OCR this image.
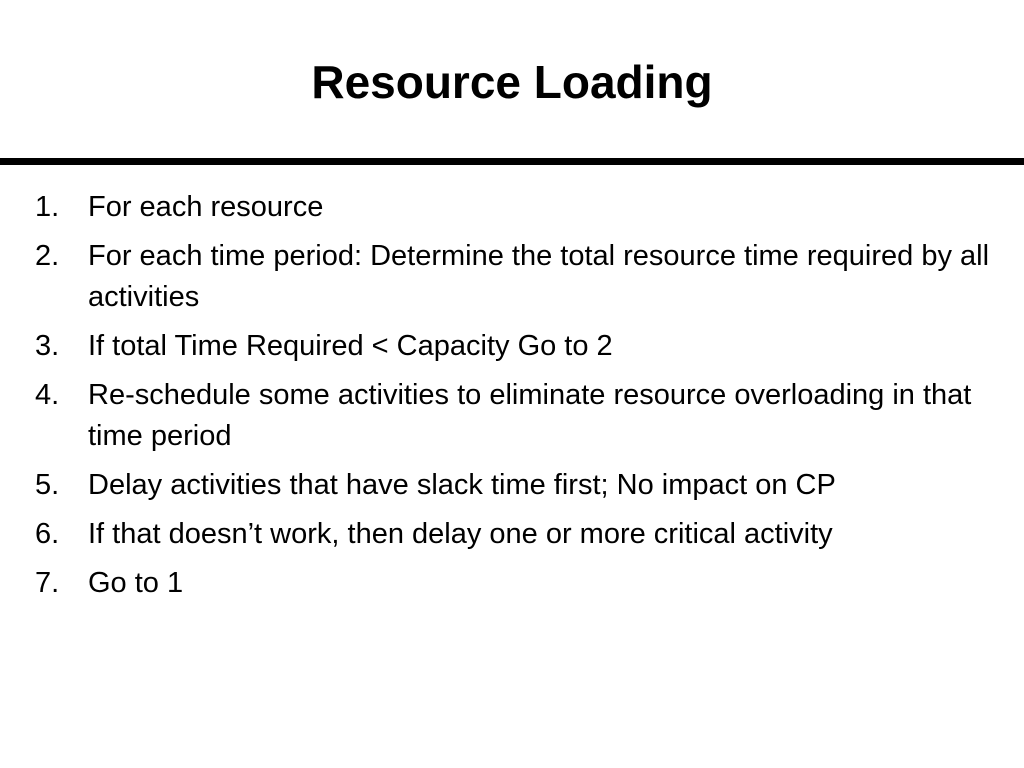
Resource Loading
1. For each resource
2. For each time period: Determine the total resource time required by all activities
3. If total Time Required < Capacity Go to 2
4. Re-schedule some activities to eliminate resource overloading in that time period
5. Delay activities that have slack time first; No impact on CP
6. If that doesn’t work, then delay one or more critical activity
7. Go to 1
